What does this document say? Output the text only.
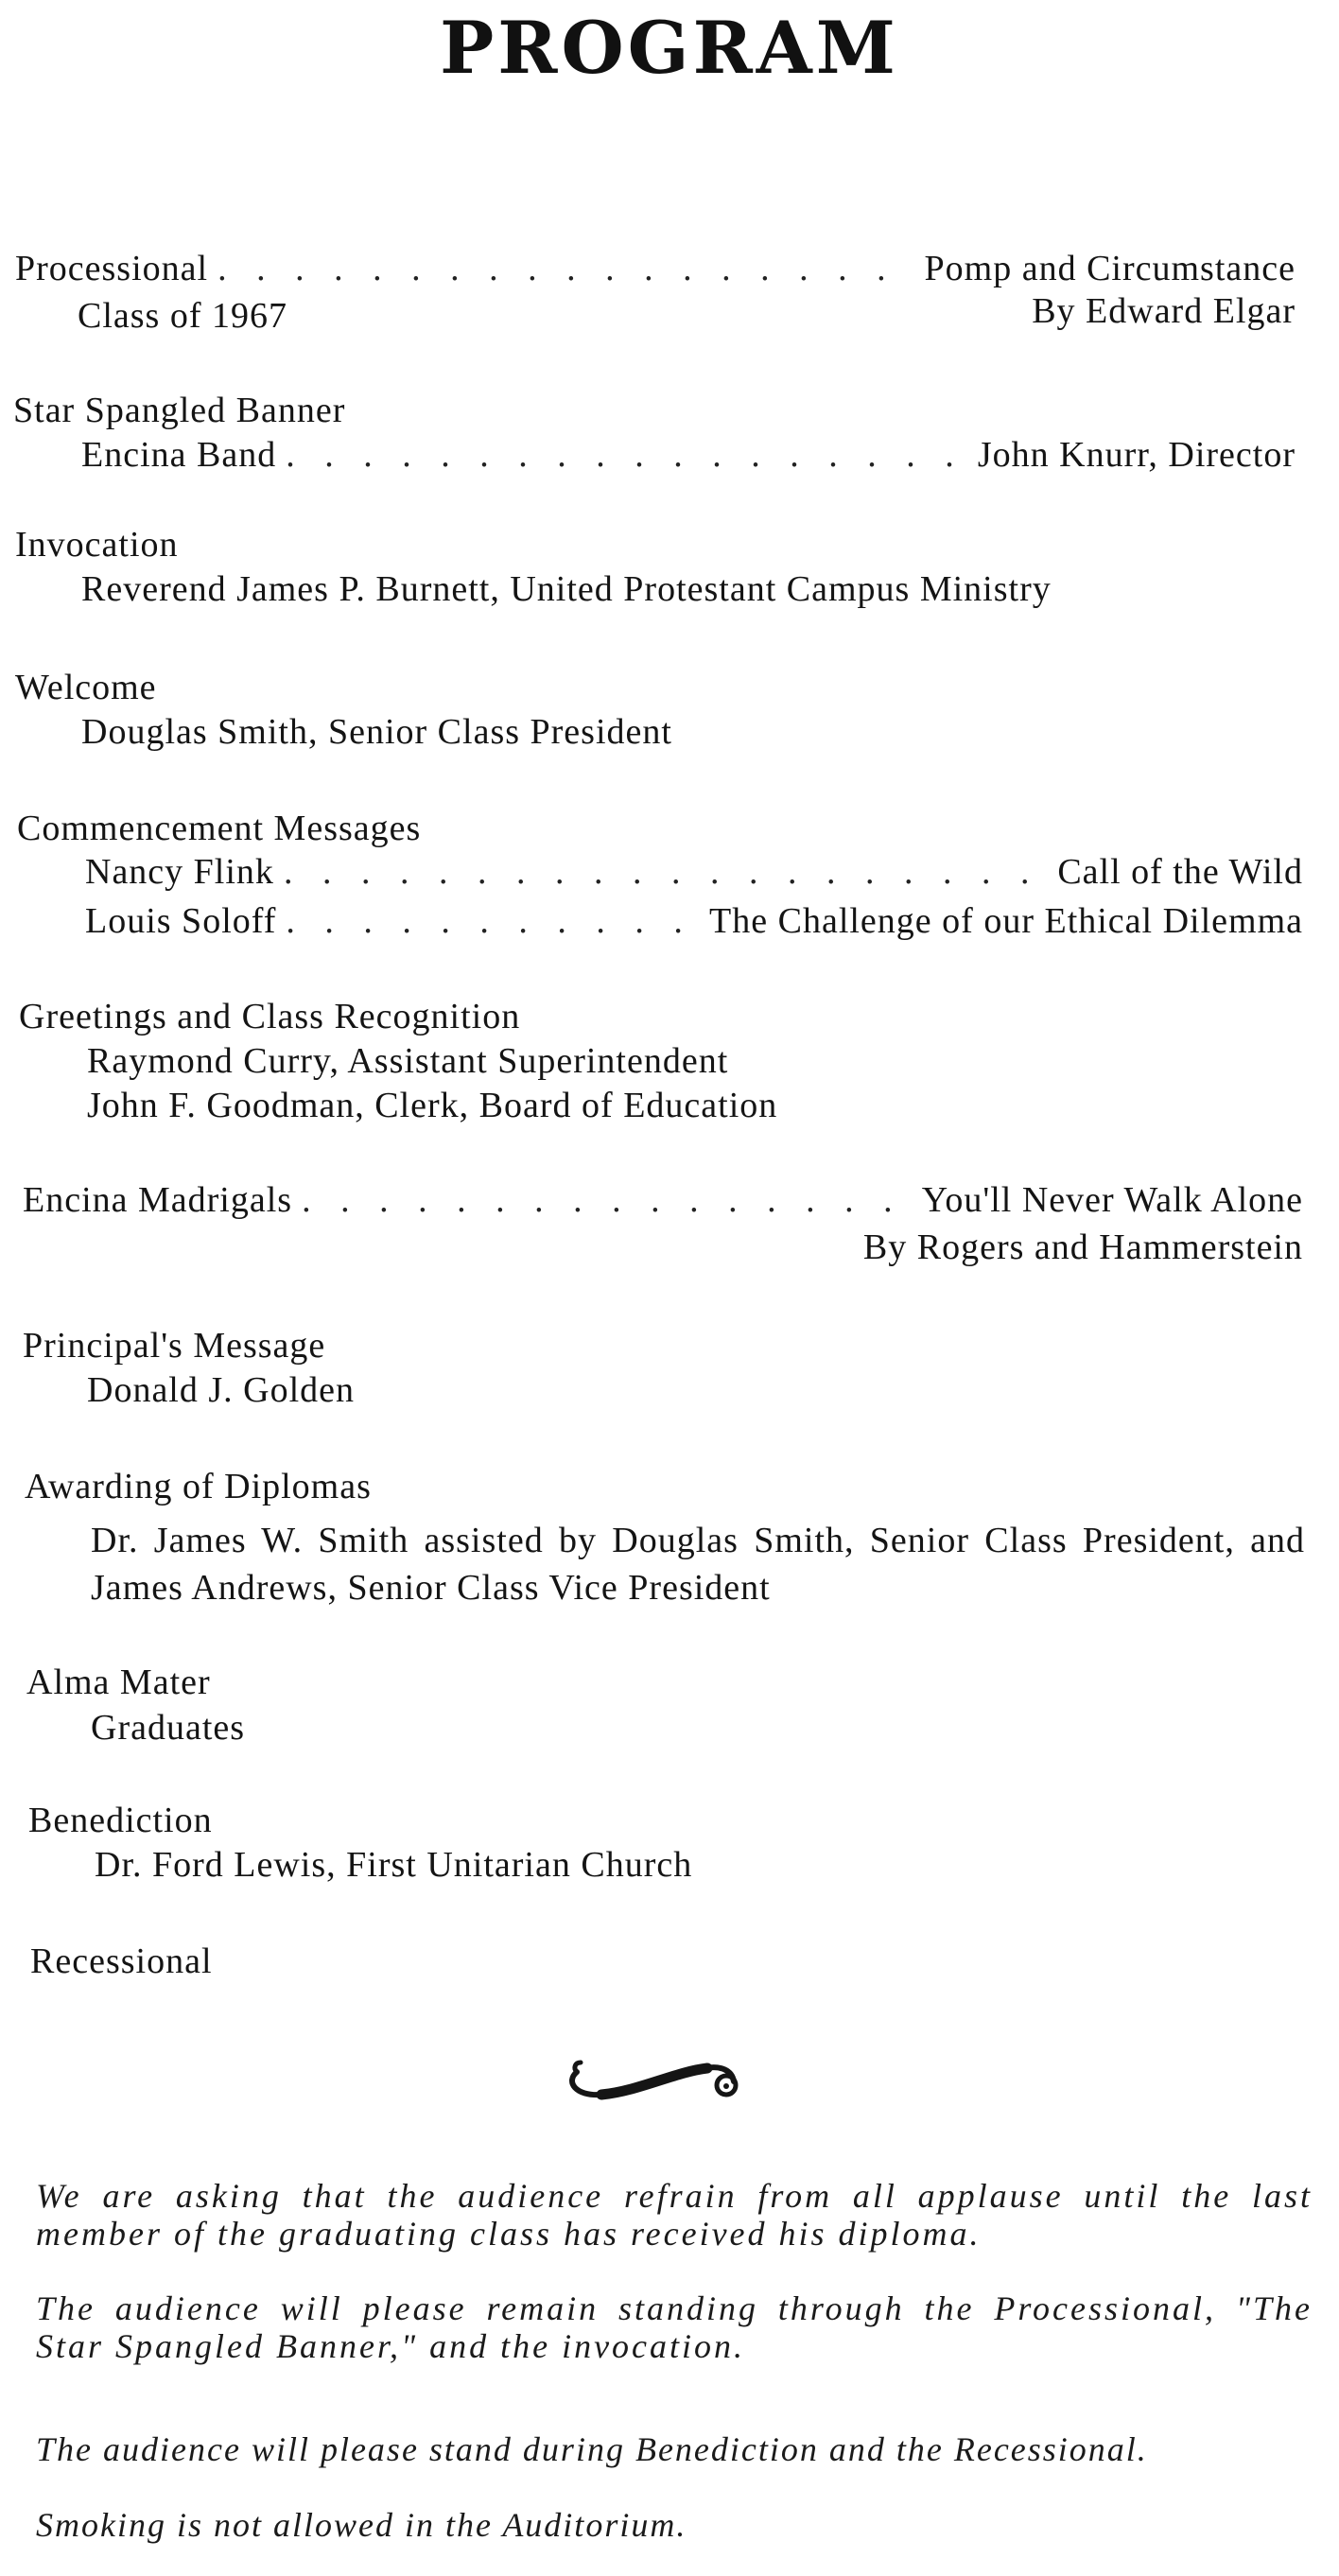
PROGRAM
Processional . . .	Pomp and Circumstance
Class of 1967	By Edward Elgar
Star Spangled Banner
Encina Band . . .	John Knurr, Director
Invocation
Reverend James P. Burnett, United Protestant Campus Ministry
Welcome
Douglas Smith, Senior Class President
Commencement Messages
Nancy Flink . . .	Call of the Wild
Louis Soloff . . .	The Challenge of our Ethical Dilemma
Greetings and Class Recognition
Raymond Curry, Assistant Superintendent
John F. Goodman, Clerk, Board of Education
Encina Madrigals . . .	You'll Never Walk Alone
By Rogers and Hammerstein
Principal's Message
Donald J. Golden
Awarding of Diplomas
Dr. James W. Smith assisted by Douglas Smith, Senior Class President, and James Andrews, Senior Class Vice President
Alma Mater
Graduates
Benediction
Dr. Ford Lewis, First Unitarian Church
Recessional
We are asking that the audience refrain from all applause until the last member of the graduating class has received his diploma.
The audience will please remain standing through the Processional, "The Star Spangled Banner," and the invocation.
The audience will please stand during Benediction and the Recessional.
Smoking is not allowed in the Auditorium.
